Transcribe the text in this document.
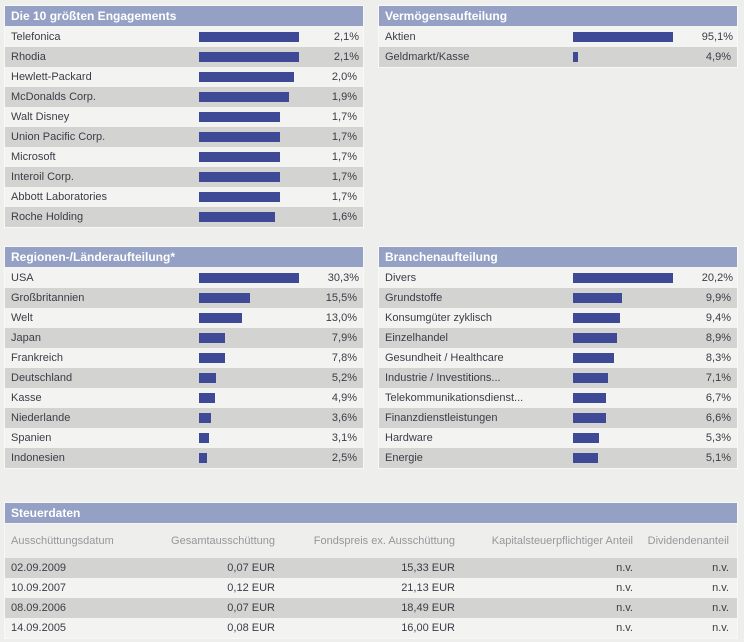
Die 10 größten Engagements
Telefonica	2,1%
Rhodia	2,1%
Hewlett-Packard	2,0%
McDonalds Corp.	1,9%
Walt Disney	1,7%
Union Pacific Corp.	1,7%
Microsoft	1,7%
Interoil Corp.	1,7%
Abbott Laboratories	1,7%
Roche Holding	1,6%
Vermögensaufteilung
Aktien	95,1%
Geldmarkt/Kasse	4,9%
Regionen-/Länderaufteilung*
USA	30,3%
Großbritannien	15,5%
Welt	13,0%
Japan	7,9%
Frankreich	7,8%
Deutschland	5,2%
Kasse	4,9%
Niederlande	3,6%
Spanien	3,1%
Indonesien	2,5%
Branchenaufteilung
Divers	20,2%
Grundstoffe	9,9%
Konsumgüter zyklisch	9,4%
Einzelhandel	8,9%
Gesundheit / Healthcare	8,3%
Industrie / Investitions...	7,1%
Telekommunikationsdienst...	6,7%
Finanzdienstleistungen	6,6%
Hardware	5,3%
Energie	5,1%
Steuerdaten
Ausschüttungsdatum	Gesamtausschüttung	Fondspreis ex. Ausschüttung	Kapitalsteuerpflichtiger Anteil	Dividendenanteil
02.09.2009	0,07 EUR	15,33 EUR	n.v.	n.v.
10.09.2007	0,12 EUR	21,13 EUR	n.v.	n.v.
08.09.2006	0,07 EUR	18,49 EUR	n.v.	n.v.
14.09.2005	0,08 EUR	16,00 EUR	n.v.	n.v.
